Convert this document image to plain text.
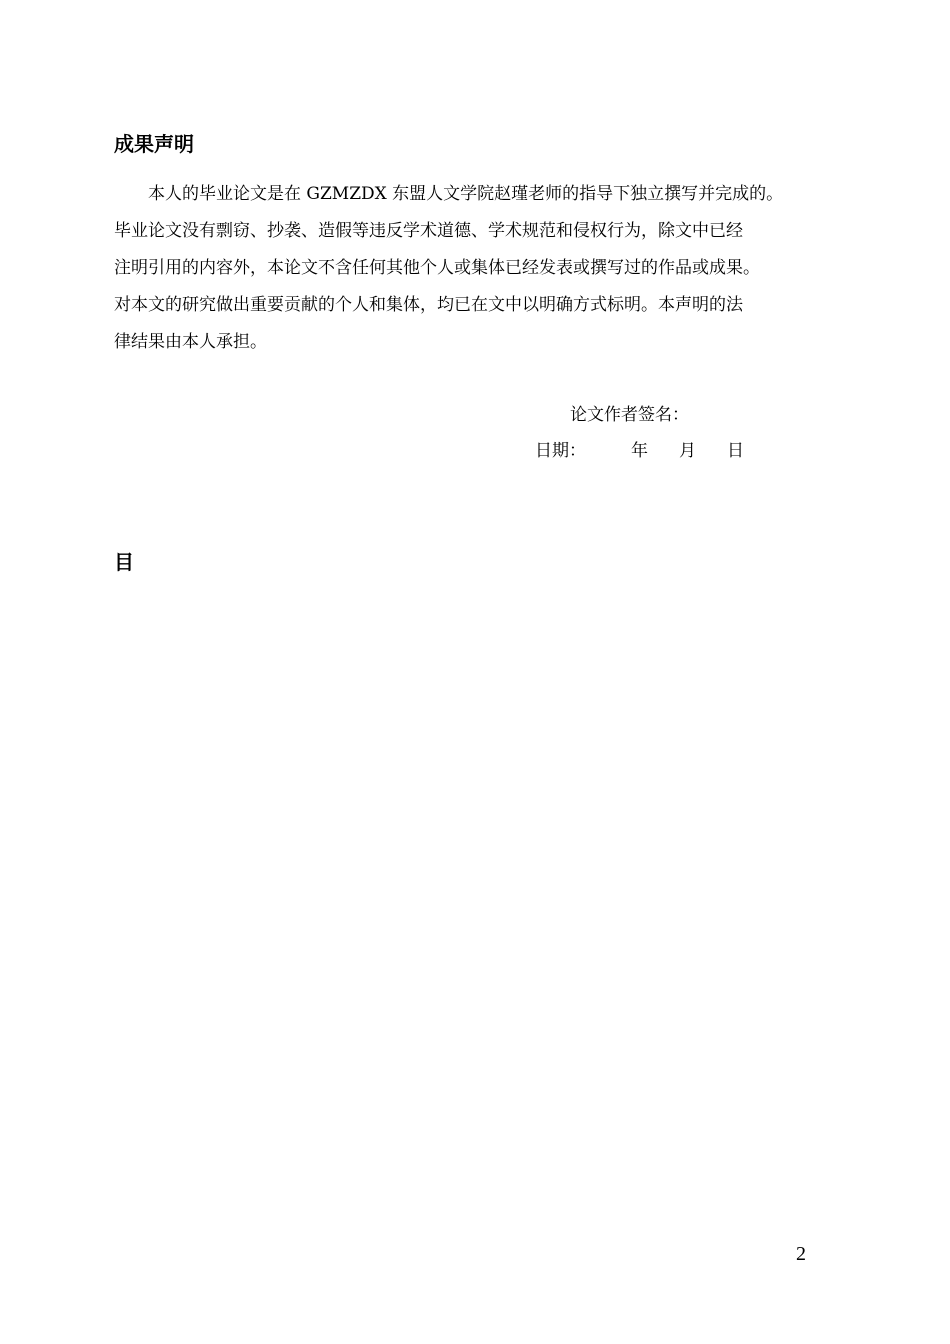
成果声明

本人的毕业论文是在 GZMZDX 东盟人文学院赵瑾老师的指导下独立撰写并完成的。
毕业论文没有剽窃、抄袭、造假等违反学术道德、学术规范和侵权行为，除文中已经
注明引用的内容外，本论文不含任何其他个人或集体已经发表或撰写过的作品或成果。
对本文的研究做出重要贡献的个人和集体，均已在文中以明确方式标明。本声明的法
律结果由本人承担。

论文作者签名：
日期：	年 月 日
目
2
